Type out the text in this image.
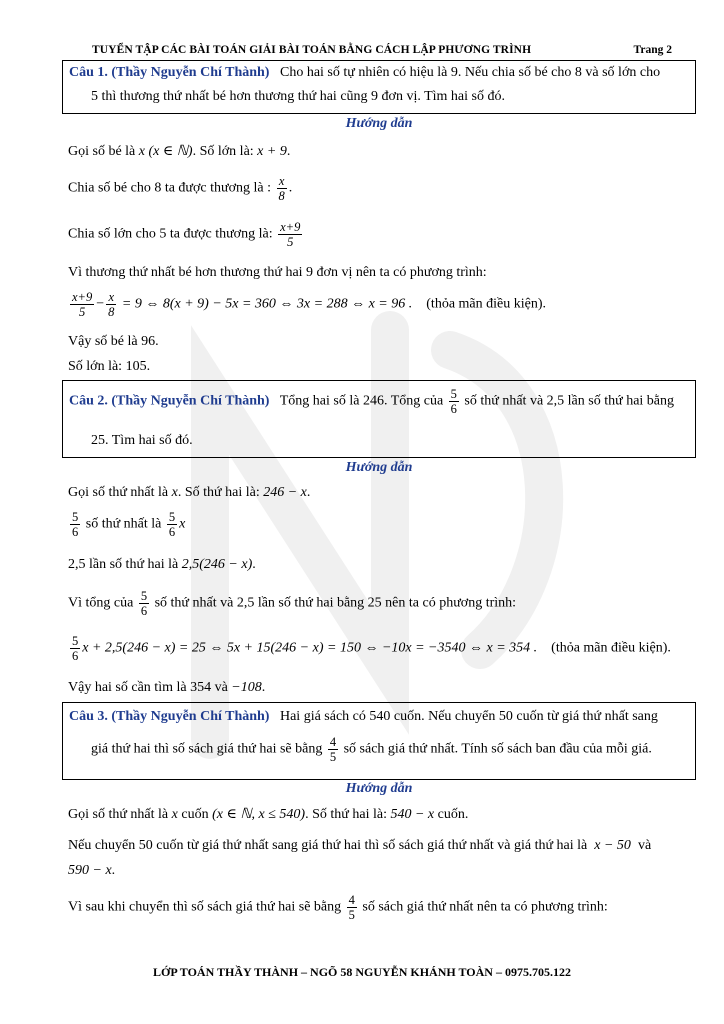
TUYỂN TẬP CÁC BÀI TOÁN GIẢI BÀI TOÁN BẰNG CÁCH LẬP PHƯƠNG TRÌNH	Trang 2
Câu 1. (Thầy Nguyễn Chí Thành) Cho hai số tự nhiên có hiệu là 9. Nếu chia số bé cho 8 và số lớn cho
5 thì thương thứ nhất bé hơn thương thứ hai cũng 9 đơn vị. Tìm hai số đó.
Hướng dẫn
Gọi số bé là x (x ∈ ℕ). Số lớn là: x + 9.
Chia số bé cho 8 ta được thương là : $\frac{x}{8}$ .
Chia số lớn cho 5 ta được thương là: $\frac{x+9}{5}$
Vì thương thứ nhất bé hơn thương thứ hai 9 đơn vị nên ta có phương trình:
$\frac{x+9}{5} - \frac{x}{8} = 9$ ⇔ 8(x + 9) − 5x = 360 ⇔ 3x = 288 ⇔ x = 96 . (thỏa mãn điều kiện).
Vậy số bé là 96.
Số lớn là: 105.
Câu 2. (Thầy Nguyễn Chí Thành) Tổng hai số là 246. Tổng của $\frac{5}{6}$ số thứ nhất và 2,5 lần số thứ hai bằng
25. Tìm hai số đó.
Hướng dẫn
Gọi số thứ nhất là x. Số thứ hai là: 246 − x.
$\frac{5}{6}$ số thứ nhất là $\frac{5}{6}$ x
2,5 lần số thứ hai là 2,5(246 − x).
Vì tổng của $\frac{5}{6}$ số thứ nhất và 2,5 lần số thứ hai bằng 25 nên ta có phương trình:
$\frac{5}{6}$ x + 2,5(246 − x) = 25 ⇔ 5x + 15(246 − x) = 150 ⇔ −10x = −3540 ⇔ x = 354 . (thỏa mãn điều kiện).
Vậy hai số cần tìm là 354 và −108.
Câu 3. (Thầy Nguyễn Chí Thành) Hai giá sách có 540 cuốn. Nếu chuyển 50 cuốn từ giá thứ nhất sang
giá thứ hai thì số sách giá thứ hai sẽ bằng $\frac{4}{5}$ số sách giá thứ nhất. Tính số sách ban đầu của mỗi giá.
Hướng dẫn
Gọi số thứ nhất là x cuốn (x ∈ ℕ, x ≤ 540). Số thứ hai là: 540 − x cuốn.
Nếu chuyển 50 cuốn từ giá thứ nhất sang giá thứ hai thì số sách giá thứ nhất và giá thứ hai là x − 50 và
590 − x.
Vì sau khi chuyển thì số sách giá thứ hai sẽ bằng $\frac{4}{5}$ số sách giá thứ nhất nên ta có phương trình:
LỚP TOÁN THẦY THÀNH – NGÕ 58 NGUYỄN KHÁNH TOÀN – 0975.705.122
